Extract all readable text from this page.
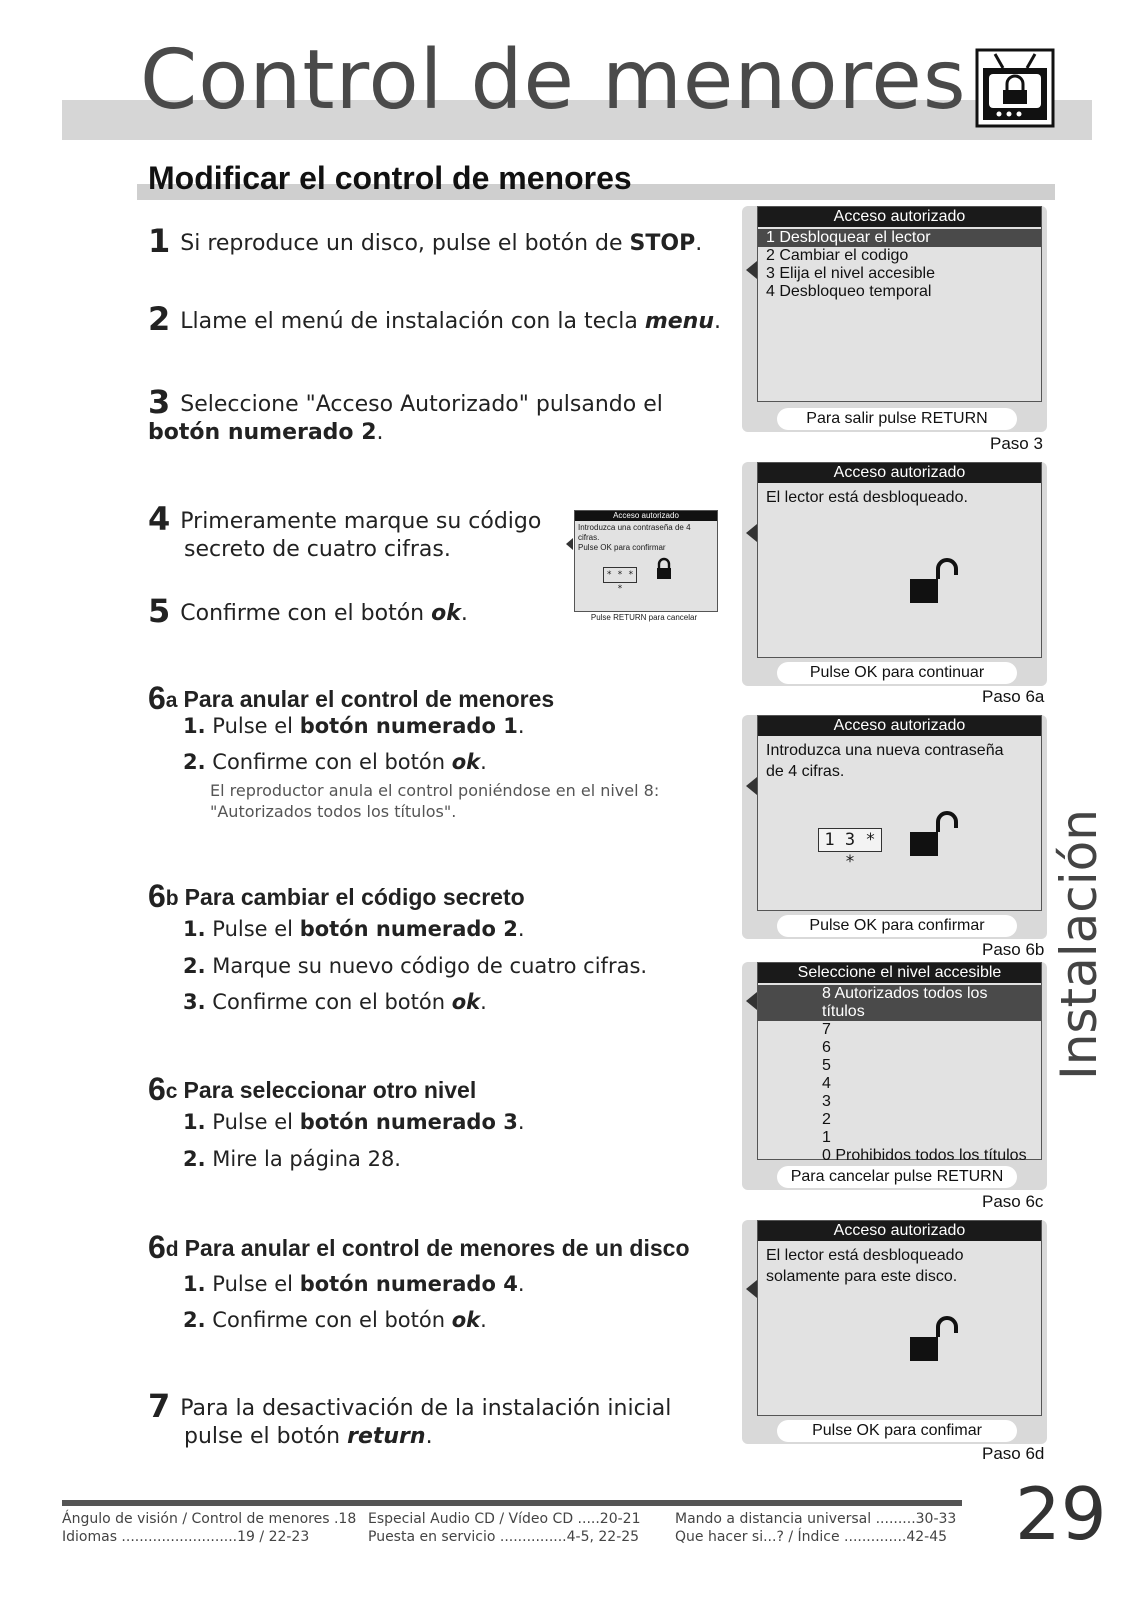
Control de menores
Modificar el control de menores
1 Si reproduce un disco, pulse el botón de STOP.
2 Llame el menú de instalación con la tecla menu.
3 Seleccione "Acceso Autorizado" pulsando el botón numerado 2.
4 Primeramente marque su código
secreto de cuatro cifras.
5 Confirme con el botón ok.
Acceso autorizado
Introduzca una contraseña de 4 cifras.
Pulse OK para confirmar
* * * *
Pulse RETURN para cancelar
6a Para anular el control de menores
1. Pulse el botón numerado 1.
2. Confirme con el botón ok.
El reproductor anula el control poniéndose en el nivel 8:
"Autorizados todos los títulos".
6b Para cambiar el código secreto
1. Pulse el botón numerado 2.
2. Marque su nuevo código de cuatro cifras.
3. Confirme con el botón ok.
6c Para seleccionar otro nivel
1. Pulse el botón numerado 3.
2. Mire la página 28.
6d Para anular el control de menores de un disco
1. Pulse el botón numerado 4.
2. Confirme con el botón ok.
7 Para la desactivación de la instalación inicial
pulse el botón return.
Acceso autorizado
1 Desbloquear el lector
2 Cambiar el codigo
3 Elija el nivel accesible
4 Desbloqueo temporal
Para salir pulse RETURN
Paso 3
Acceso autorizado
El lector está desbloqueado.
Pulse OK para continuar
Paso 6a
Acceso autorizado
Introduzca una nueva contraseña
de 4 cifras.
1 3 * *
Pulse OK para confirmar
Paso 6b
Seleccione el nivel accesible
8 Autorizados todos los títulos
7
6
5
4
3
2
1
0 Prohibidos todos los títulos
Para cancelar pulse RETURN
Paso 6c
Acceso autorizado
El lector está desbloqueado
solamente para este disco.
Pulse OK para confimar
Paso 6d
Instalación
Ángulo de visión / Control de menores .18
Idiomas ..........................19 / 22-23
Especial Audio CD / Vídeo CD .....20-21
Puesta en servicio ...............4-5, 22-25
Mando a distancia universal .........30-33
Que hacer si...? / Índice ..............42-45 29
